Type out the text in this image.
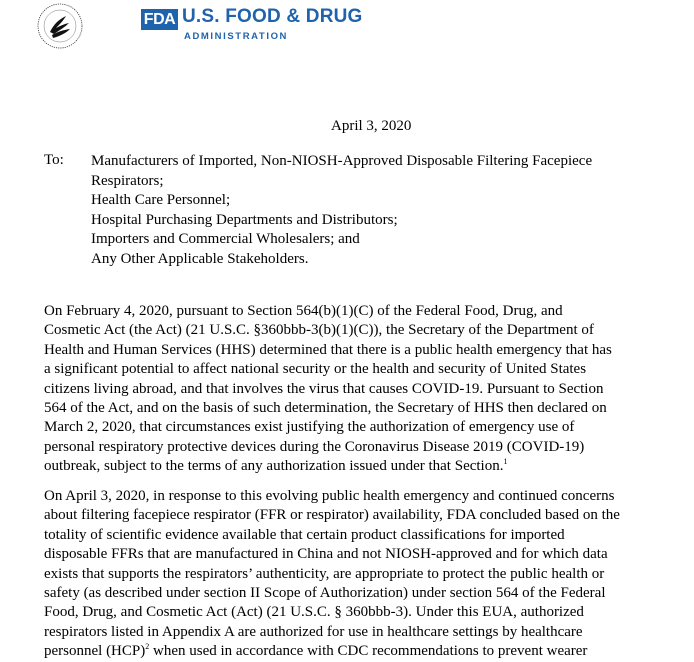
FDA U.S. FOOD & DRUG
ADMINISTRATION
April 3, 2020
To: Manufacturers of Imported, Non-NIOSH-Approved Disposable Filtering Facepiece
Respirators;
Health Care Personnel;
Hospital Purchasing Departments and Distributors;
Importers and Commercial Wholesalers; and
Any Other Applicable Stakeholders.
On February 4, 2020, pursuant to Section 564(b)(1)(C) of the Federal Food, Drug, and
Cosmetic Act (the Act) (21 U.S.C. §360bbb-3(b)(1)(C)), the Secretary of the Department of
Health and Human Services (HHS) determined that there is a public health emergency that has
a significant potential to affect national security or the health and security of United States
citizens living abroad, and that involves the virus that causes COVID-19. Pursuant to Section
564 of the Act, and on the basis of such determination, the Secretary of HHS then declared on
March 2, 2020, that circumstances exist justifying the authorization of emergency use of
personal respiratory protective devices during the Coronavirus Disease 2019 (COVID-19)
outbreak, subject to the terms of any authorization issued under that Section.$^1$
On April 3, 2020, in response to this evolving public health emergency and continued concerns
about filtering facepiece respirator (FFR or respirator) availability, FDA concluded based on the
totality of scientific evidence available that certain product classifications for imported
disposable FFRs that are manufactured in China and not NIOSH-approved and for which data
exists that supports the respirators’ authenticity, are appropriate to protect the public health or
safety (as described under section II Scope of Authorization) under section 564 of the Federal
Food, Drug, and Cosmetic Act (Act) (21 U.S.C. § 360bbb-3). Under this EUA, authorized
respirators listed in Appendix A are authorized for use in healthcare settings by healthcare
personnel (HCP)$^2$ when used in accordance with CDC recommendations to prevent wearer
